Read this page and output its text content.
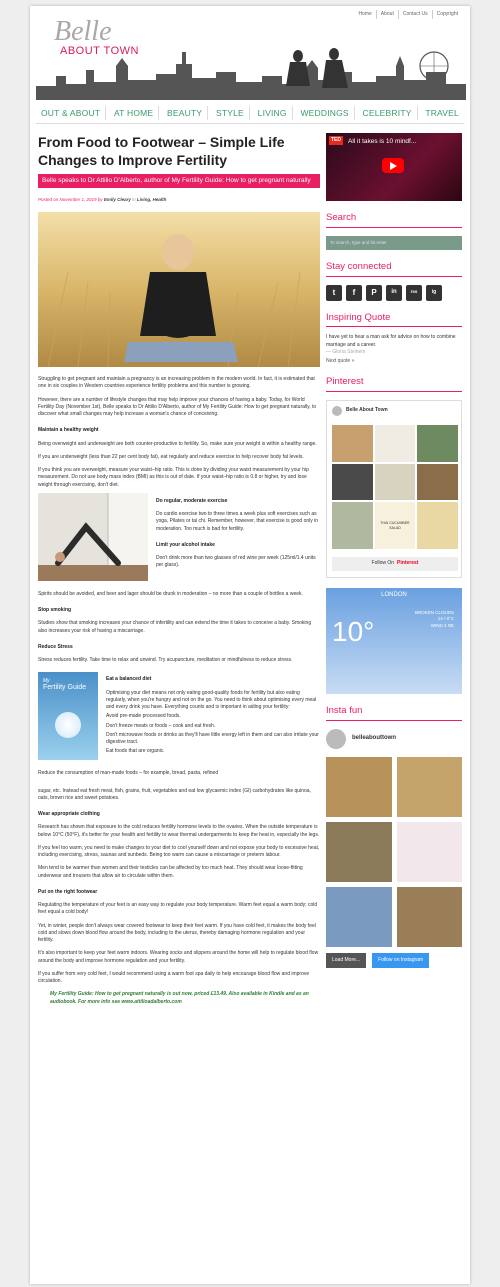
Home	About	Contact Us	Copyright
Belle
ABOUT TOWN
OUT & ABOUT	AT HOME	BEAUTY	STYLE	LIVING	WEDDINGS	CELEBRITY	TRAVEL
From Food to Footwear – Simple Life Changes to Improve Fertility
Belle speaks to Dr Attilio D'Alberto, author of My Fertility Guide: How to get pregnant naturally
Posted on November 1, 2019 by Emily Cleary in Living, Health

Struggling to get pregnant and maintain a pregnancy is an increasing problem in the modern world. In fact, it is estimated that one in six couples in Western countries experience fertility problems and this number is growing.

However, there are a number of lifestyle changes that may help improve your chances of having a baby. Today, for World Fertility Day (November 1st), Belle speaks to Dr Attilio D'Alberto, author of My Fertility Guide: How to get pregnant naturally, to discover what small changes may help increase a woman's chance of conceiving.

Maintain a healthy weight

Being overweight and underweight are both counter-productive to fertility. So, make sure your weight is within a healthy range.

If you are underweight (less than 22 per cent body fat), eat regularly and reduce exercise to help recover body fat levels.

If you think you are overweight, measure your waist–hip ratio. This is done by dividing your waist measurement by your hip measurement. Do not use body mass index (BMI) as this is out of date. If your waist–hip ratio is 0.8 or higher, try and lose weight through exercising, don't diet.

Do regular, moderate exercise

Do cardio exercise two to three times a week plus soft exercises such as yoga, Pilates or tai chi. Remember, however, that exercise is good only in moderation. Too much is bad for fertility.

Limit your alcohol intake

Don't drink more than two glasses of red wine per week (125ml/1.4 units per glass).

Spirits should be avoided, and beer and lager should be drunk in moderation – no more than a couple of bottles a week.

Stop smoking

Studies show that smoking increases your chance of infertility and can extend the time it takes to conceive a baby. Smoking also increases your risk of having a miscarriage.

Reduce Stress

Stress reduces fertility. Take time to relax and unwind. Try acupuncture, meditation or mindfulness to reduce stress.

My
Fertility Guide
Eat a balanced diet

Optimising your diet means not only eating good-quality foods for fertility but also eating regularly, when you're hungry and not on the go. You need to think about optimising every meal and every drink you have. Everything counts and is important in aiding your fertility:

• Avoid pre-made processed foods.
• Don't freeze meats or foods – cook and eat fresh.
• Don't microwave foods or drinks as they'll have little energy left in them and can also irritate your digestive tract.
• Eat foods that are organic.

Reduce the consumption of man-made foods – for example, bread, pasta, refined

sugar, etc. Instead eat fresh meat, fish, grains, fruit, vegetables and eat low glycaemic index (GI) carbohydrates like quinoa, oats, brown rice and sweet potatoes.

Wear appropriate clothing

Research has shown that exposure to the cold reduces fertility hormone levels to the ovaries. When the outside temperature is below 10°C (50°F), it's better for your health and fertility to wear thermal undergarments to keep the heat in, especially the legs.

If you feel too warm, you need to make changes to your diet to cool yourself down and not expose your body to excessive heat, including exercising, stress, saunas and sunbeds. Being too warm can cause a miscarriage or preterm labour.

Men tend to be warmer than women and their testicles can be affected by too much heat. They should wear loose-fitting underwear and trousers that allow air to circulate within them.

Put on the right footwear

Regulating the temperature of your feet is an easy way to regulate your body temperature. Warm feet equal a warm body; cold feet equal a cold body!

Yet, in winter, people don't always wear covered footwear to keep their feet warm. If you have cold feet, it makes the body feel cold and slows down blood flow around the body, including to the uterus, thereby damaging hormone regulation and your fertility.

It's also important to keep your feet warm indoors. Wearing socks and slippers around the home will help to regulate blood flow around the body and improve hormone regulation and your fertility.

If you suffer from very cold feet, I would recommend using a warm foot spa daily to help encourage blood flow and improve circulation.

My Fertility Guide: How to get pregnant naturally is out now, priced £13.49. Also available in Kindle and as an audiobook. For more info see www.attilioadalberto.com
TED	All it takes is 10 mindf...
Search
To search, type and hit enter
Stay connected
t	f	P	in	rss	ig
Inspiring Quote
I have yet to hear a man ask for advice on how to combine marriage and a career.
— Gloria Steinem
Next quote »
Pinterest
Belle About Town
THAI CUCUMBER SALAD
Follow On Pinterest
LONDON
10°
BROKEN CLOUDS
14 / 8°C
WIND 4 NE
Insta fun
belleabouttown
Load More...	Follow on Instagram
